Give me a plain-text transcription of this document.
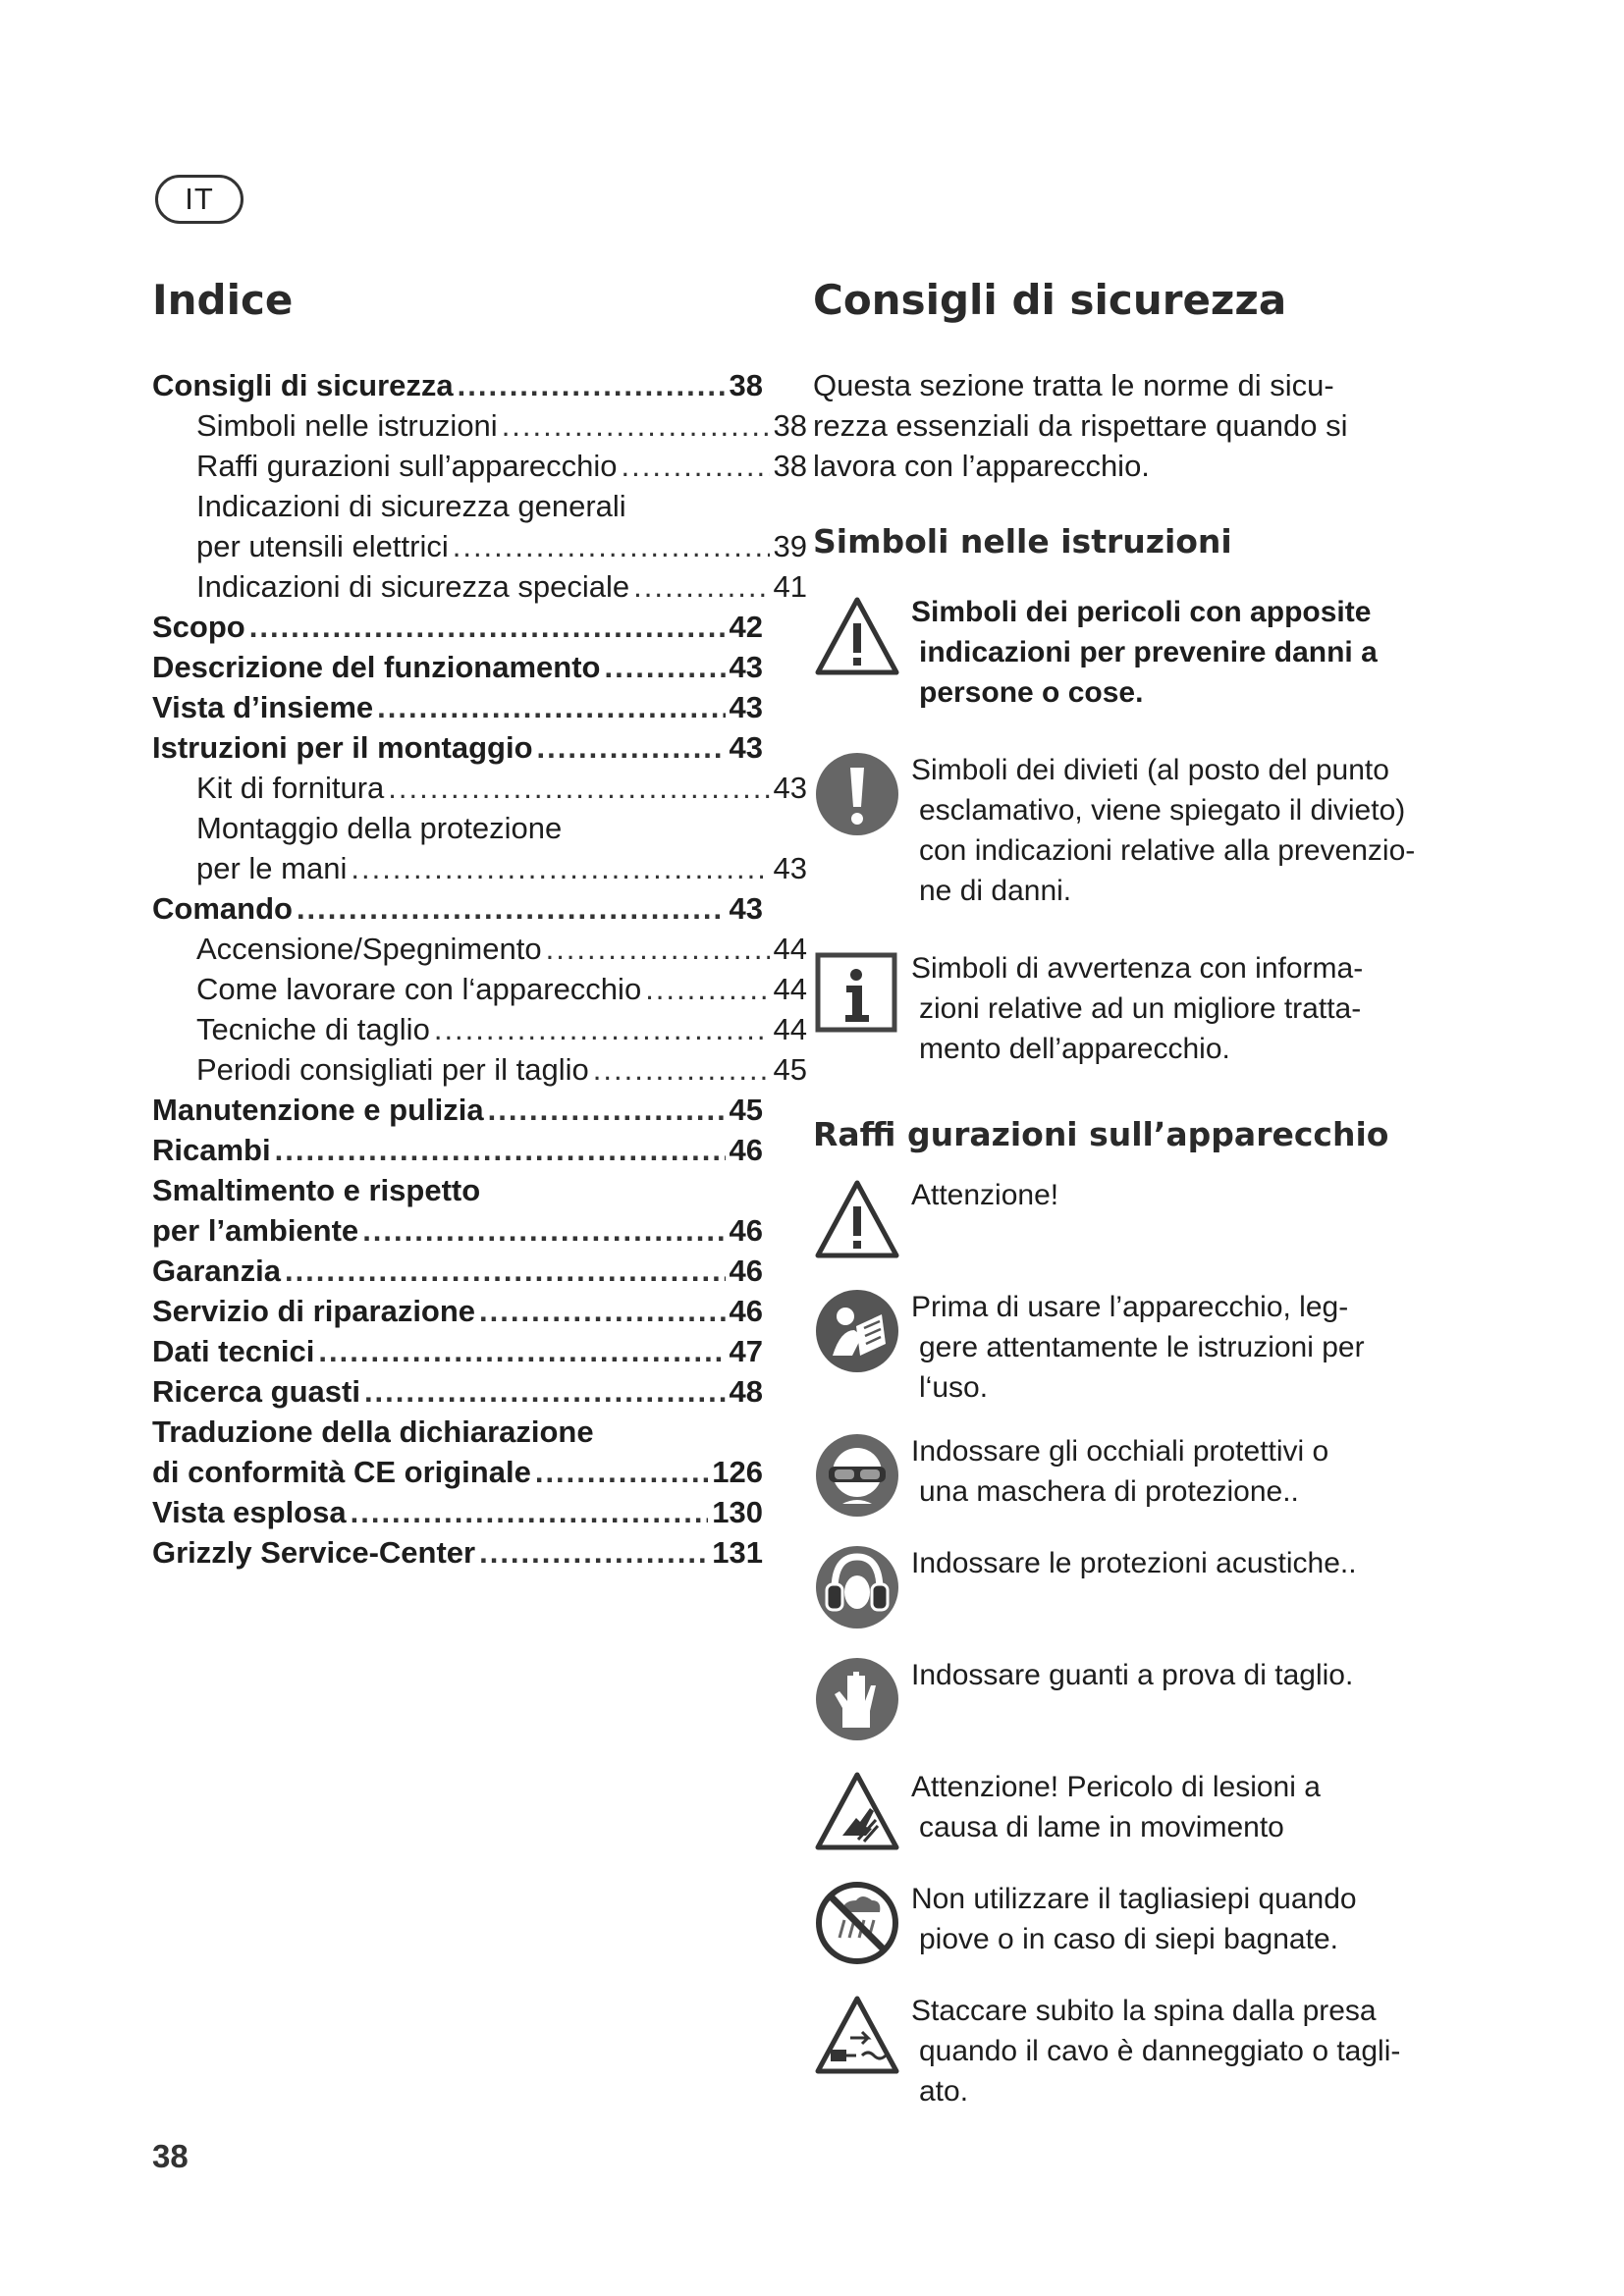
IT
Indice
Consigli di sicurezza .....	38
Simboli nelle istruzioni .....	38
Raffi gurazioni sull’apparecchio .....	38
Indicazioni di sicurezza generali
per utensili elettrici .....	39
Indicazioni di sicurezza speciale .....	41
Scopo .....	42
Descrizione del funzionamento .....	43
Vista d’insieme .....	43
Istruzioni per il montaggio .....	43
Kit di fornitura .....	43
Montaggio della protezione
per le mani .....	43
Comando .....	43
Accensione/Spegnimento .....	44
Come lavorare con l‘apparecchio .....	44
Tecniche di taglio .....	44
Periodi consigliati per il taglio .....	45
Manutenzione e pulizia .....	45
Ricambi .....	46
Smaltimento e rispetto
per l’ambiente .....	46
Garanzia .....	46
Servizio di riparazione .....	46
Dati tecnici .....	47
Ricerca guasti .....	48
Traduzione della dichiarazione
di conformità CE originale .....	126
Vista esplosa .....	130
Grizzly Service-Center .....	131
Consigli di sicurezza

Questa sezione tratta le norme di sicu-
rezza essenziali da rispettare quando si
lavora con l’apparecchio.

Simboli nelle istruzioni
Simboli dei pericoli con apposite
indicazioni per prevenire danni a
persone o cose.
Simboli dei divieti (al posto del punto
esclamativo, viene spiegato il divieto)
con indicazioni relative alla prevenzio-
ne di danni.
Simboli di avvertenza con informa-
zioni relative ad un migliore tratta-
mento dell’apparecchio.
Raffi gurazioni sull’apparecchio
Attenzione!
Prima di usare l’apparecchio, leg-
gere attentamente le istruzioni per
l‘uso.
Indossare gli occhiali protettivi o
una maschera di protezione..
Indossare le protezioni acustiche..
Indossare guanti a prova di taglio.
Attenzione! Pericolo di lesioni a
causa di lame in movimento
Non utilizzare il tagliasiepi quando
piove o in caso di siepi bagnate.
Staccare subito la spina dalla presa
quando il cavo è danneggiato o tagli-
ato.
38
